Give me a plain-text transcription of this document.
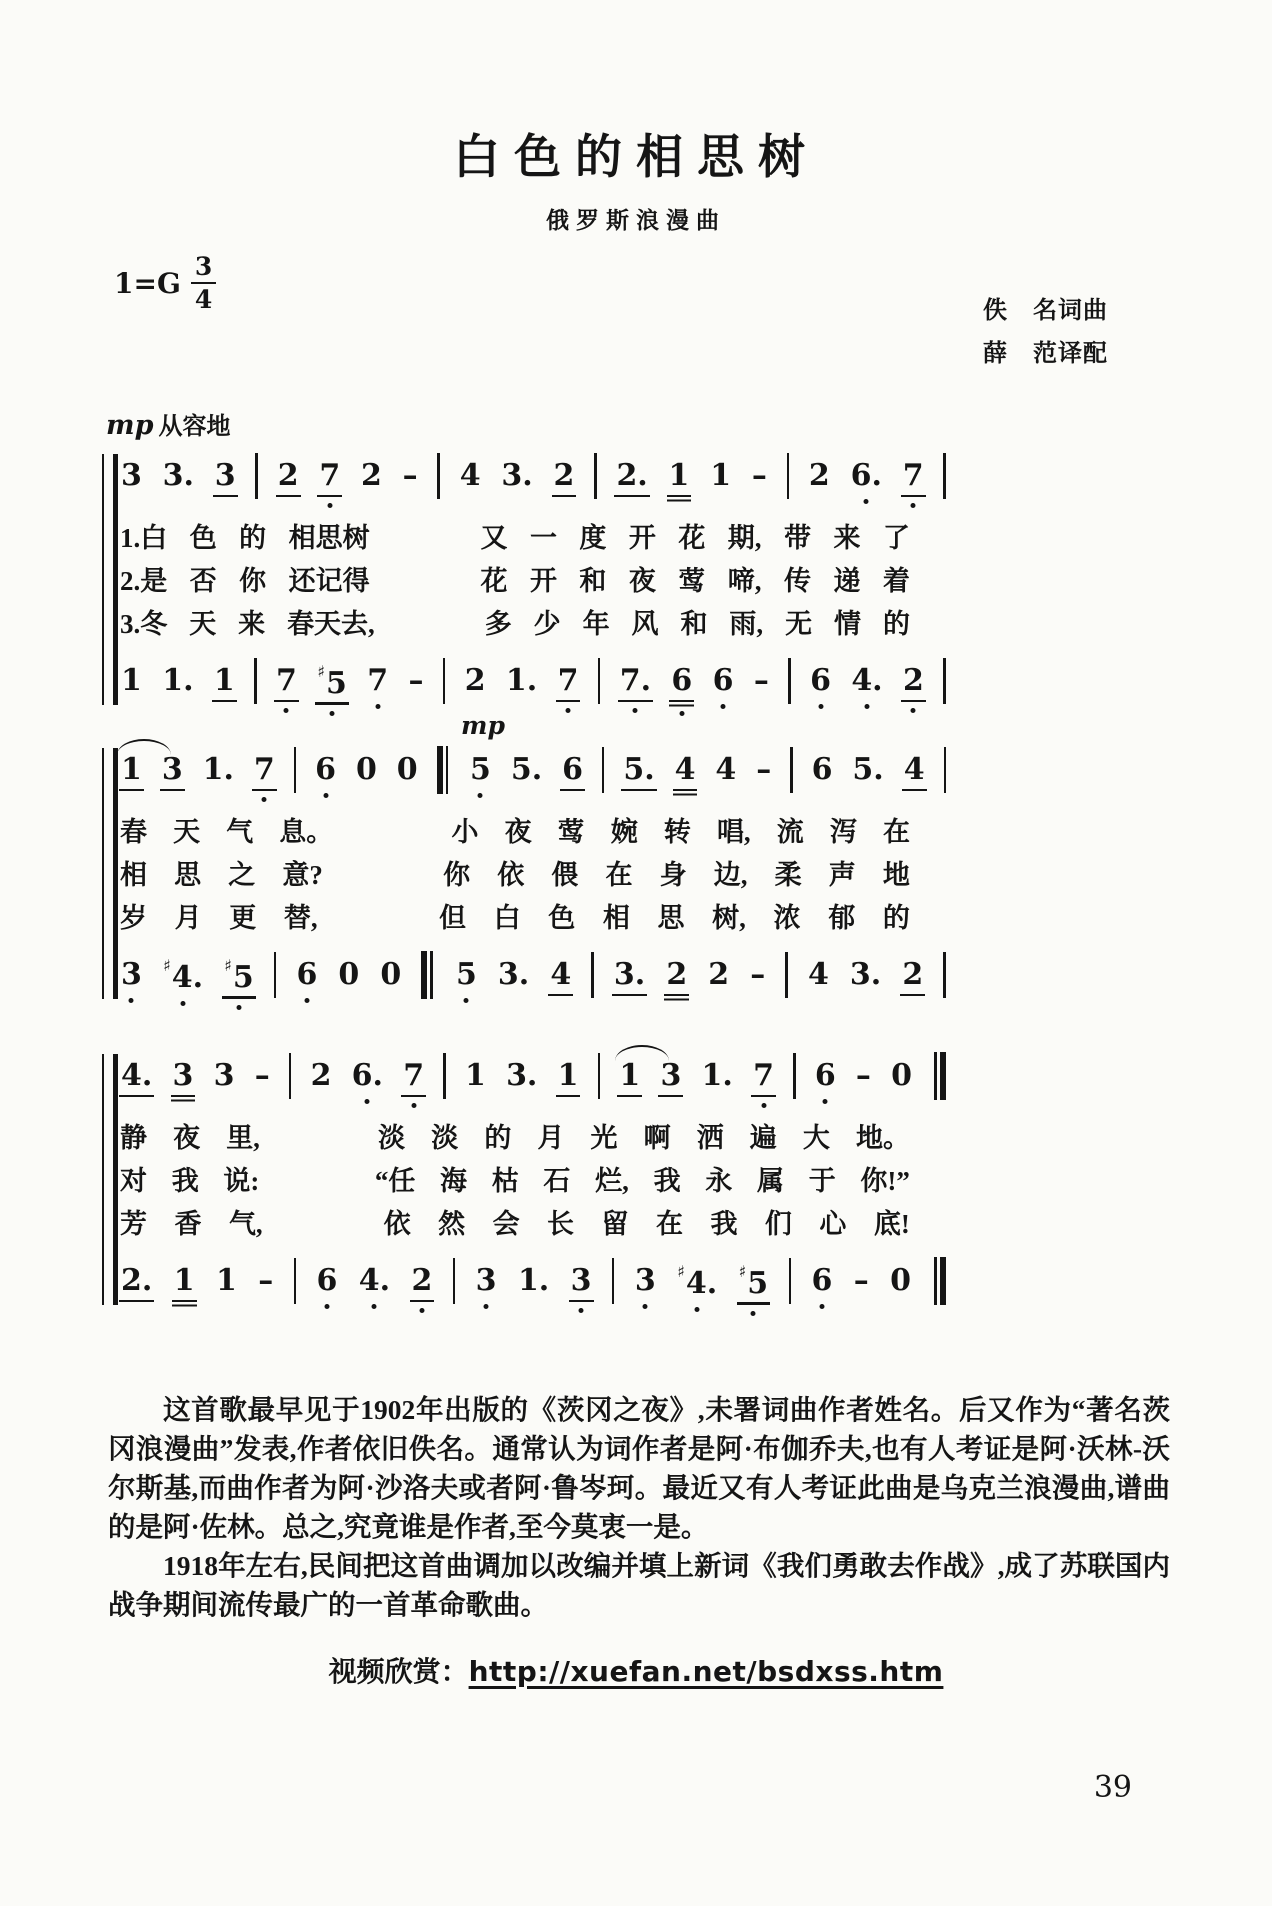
白色的相思树
俄罗斯浪漫曲
$1=G \frac{3}{4}$	佚　名词曲
薛　范译配
mp 从容地
3 3. 3 2 7 2 – 4 3. 2 2. 1 1 – 2 6. 7
1.白 色 的 相思树	又 一 度 开 花 期, 带 来 了
2.是 否 你 还记得	花 开 和 夜 莺 啼, 传 递 着
3.冬 天 来 春天去,	多 少 年 风 和 雨, 无 情 的
1 1. 1 7 ♯5 7 – 2 1. 7 7. 6 6 – 6 4. 2
1 3 1. 7 6 0 0 5
mp
5. 6 5. 4 4 – 6 5. 4
春 天 气 息。	小 夜 莺 婉 转 唱, 流 泻 在
相 思 之 意?	你 依 偎 在 身 边, 柔 声 地
岁 月 更 替,	但 白 色 相 思 树, 浓 郁 的
3 ♯4. ♯5 6 0 0 5 3. 4 3. 2 2 – 4 3. 2
4. 3 3 – 2 6. 7 1 3. 1 1 3 1. 7 6 – 0
静 夜 里,	淡 淡 的 月 光 啊 洒 遍 大 地。
对 我 说:	“任 海 枯 石 烂, 我 永 属 于 你!”
芳 香 气,	依 然 会 长 留 在 我 们 心 底!
2. 1 1 – 6 4. 2 3 1. 3 3 ♯4. ♯5 6 – 0

这首歌最早见于1902年出版的《茨冈之夜》,未署词曲作者姓名。后又作为“著名茨冈浪漫曲”发表,作者依旧佚名。通常认为词作者是阿·布伽乔夫,也有人考证是阿·沃林-沃尔斯基,而曲作者为阿·沙洛夫或者阿·鲁岑珂。最近又有人考证此曲是乌克兰浪漫曲,谱曲的是阿·佐林。总之,究竟谁是作者,至今莫衷一是。

1918年左右,民间把这首曲调加以改编并填上新词《我们勇敢去作战》,成了苏联国内战争期间流传最广的一首革命歌曲。

视频欣赏：http://xuefan.net/bsdxss.htm
39
